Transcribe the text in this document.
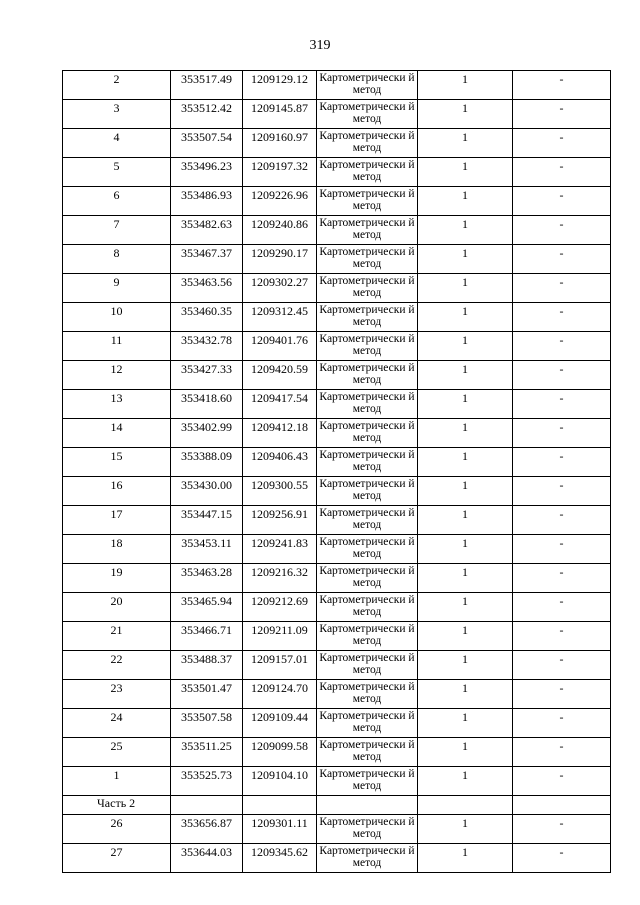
319
2	353517.49	1209129.12	Картометрически й метод	1	-
3	353512.42	1209145.87	Картометрически й метод	1	-
4	353507.54	1209160.97	Картометрически й метод	1	-
5	353496.23	1209197.32	Картометрически й метод	1	-
6	353486.93	1209226.96	Картометрически й метод	1	-
7	353482.63	1209240.86	Картометрически й метод	1	-
8	353467.37	1209290.17	Картометрически й метод	1	-
9	353463.56	1209302.27	Картометрически й метод	1	-
10	353460.35	1209312.45	Картометрически й метод	1	-
11	353432.78	1209401.76	Картометрически й метод	1	-
12	353427.33	1209420.59	Картометрически й метод	1	-
13	353418.60	1209417.54	Картометрически й метод	1	-
14	353402.99	1209412.18	Картометрически й метод	1	-
15	353388.09	1209406.43	Картометрически й метод	1	-
16	353430.00	1209300.55	Картометрически й метод	1	-
17	353447.15	1209256.91	Картометрически й метод	1	-
18	353453.11	1209241.83	Картометрически й метод	1	-
19	353463.28	1209216.32	Картометрически й метод	1	-
20	353465.94	1209212.69	Картометрически й метод	1	-
21	353466.71	1209211.09	Картометрически й метод	1	-
22	353488.37	1209157.01	Картометрически й метод	1	-
23	353501.47	1209124.70	Картометрически й метод	1	-
24	353507.58	1209109.44	Картометрически й метод	1	-
25	353511.25	1209099.58	Картометрически й метод	1	-
1	353525.73	1209104.10	Картометрически й метод	1	-
Часть 2					
26	353656.87	1209301.11	Картометрически й метод	1	-
27	353644.03	1209345.62	Картометрически й метод	1	-
